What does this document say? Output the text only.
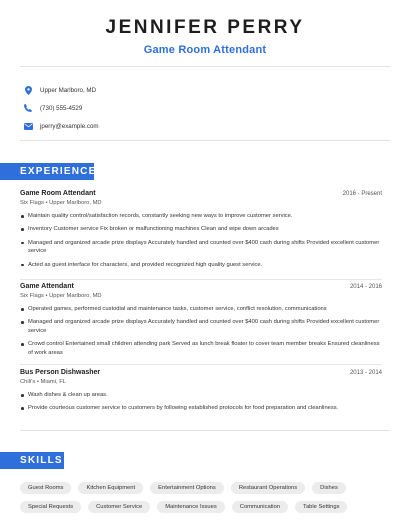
JENNIFER PERRY
Game Room Attendant
Upper Marlboro, MD
(730) 555-4529
jperry@example.com
EXPERIENCE
Game Room Attendant	2016 - Present
Six Flags • Upper Marlboro, MD
Maintain quality control/satisfaction records, constantly seeking new ways to improve customer service.
Inventory Customer service Fix broken or malfunctioning machines Clean and wipe down arcades
Managed and organized arcade prize displays Accurately handled and counted over $400 cash during shifts Provided excellent customer service
Acted as guest interface for characters, and provided recognized high quality guest service.
Game Attendant	2014 - 2016
Six Flags • Upper Marlboro, MD
Operated games, performed custodial and maintenance tasks, customer service, conflict resolution, communications
Managed and organized arcade prize displays Accurately handled and counted over $400 cash during shifts Provided excellent customer service
Crowd control Entertained small children attending park Served as lunch break floater to cover team member breaks Ensured cleanliness of work areas
Bus Person Dishwasher	2013 - 2014
Chili's • Miami, FL
Wash dishes & clean up areas.
Provide courteous customer service to customers by following established protocols for food preparation and cleanliness.
SKILLS
Guest Rooms	Kitchen Equipment	Entertainment Options	Restaurant Operations	Dishes
Special Requests	Customer Service	Maintenance Issues	Communication	Table Settings
